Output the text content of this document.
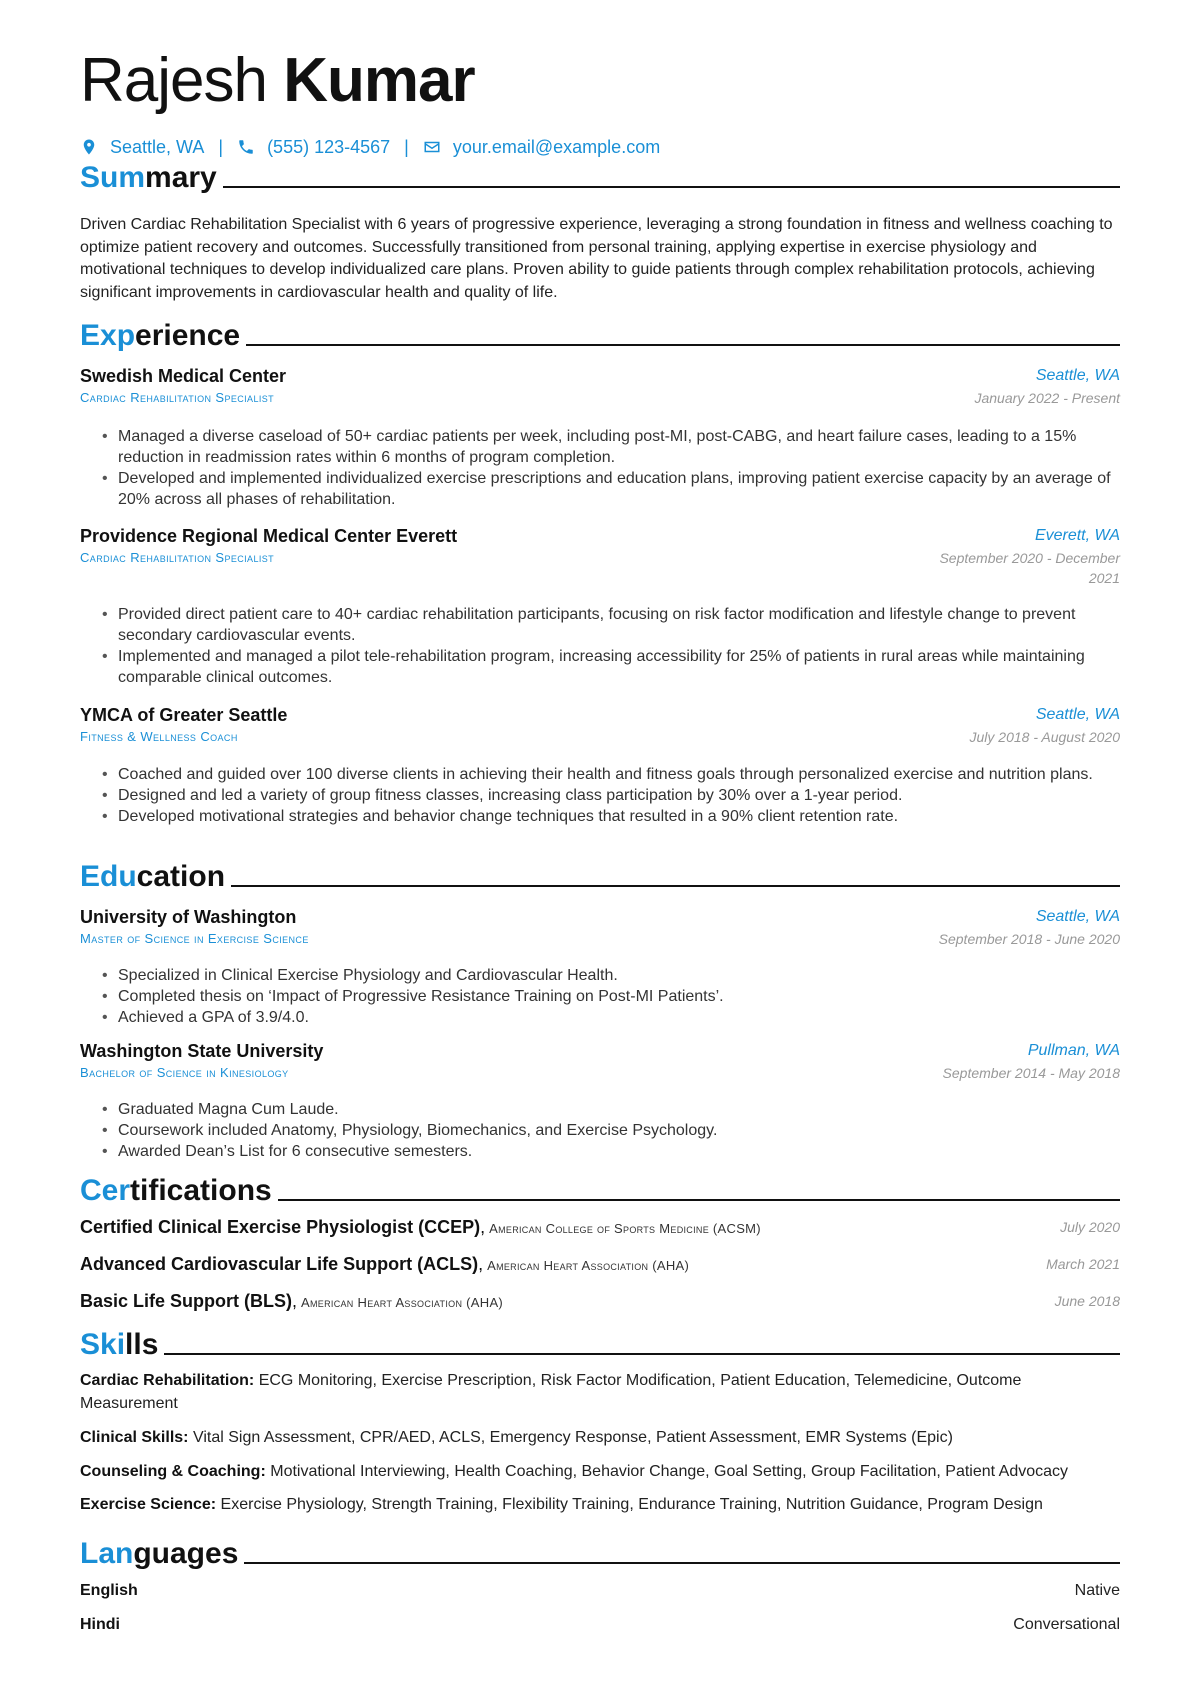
Rajesh Kumar
Seattle, WA | (555) 123-4567 | your.email@example.com
Summary
Driven Cardiac Rehabilitation Specialist with 6 years of progressive experience, leveraging a strong foundation in fitness and wellness coaching to optimize patient recovery and outcomes. Successfully transitioned from personal training, applying expertise in exercise physiology and motivational techniques to develop individualized care plans. Proven ability to guide patients through complex rehabilitation protocols, achieving significant improvements in cardiovascular health and quality of life.
Experience
Swedish Medical Center
Cardiac Rehabilitation Specialist
Seattle, WA
January 2022 - Present
• Managed a diverse caseload of 50+ cardiac patients per week, including post-MI, post-CABG, and heart failure cases, leading to a 15% reduction in readmission rates within 6 months of program completion.
• Developed and implemented individualized exercise prescriptions and education plans, improving patient exercise capacity by an average of 20% across all phases of rehabilitation.
Providence Regional Medical Center Everett
Cardiac Rehabilitation Specialist
Everett, WA
September 2020 - December
2021
• Provided direct patient care to 40+ cardiac rehabilitation participants, focusing on risk factor modification and lifestyle change to prevent secondary cardiovascular events.
• Implemented and managed a pilot tele-rehabilitation program, increasing accessibility for 25% of patients in rural areas while maintaining comparable clinical outcomes.
YMCA of Greater Seattle
Fitness & Wellness Coach
Seattle, WA
July 2018 - August 2020
• Coached and guided over 100 diverse clients in achieving their health and fitness goals through personalized exercise and nutrition plans.
• Designed and led a variety of group fitness classes, increasing class participation by 30% over a 1-year period.
• Developed motivational strategies and behavior change techniques that resulted in a 90% client retention rate.
Education
University of Washington
Master of Science in Exercise Science
Seattle, WA
September 2018 - June 2020
• Specialized in Clinical Exercise Physiology and Cardiovascular Health.
• Completed thesis on ‘Impact of Progressive Resistance Training on Post-MI Patients’.
• Achieved a GPA of 3.9/4.0.
Washington State University
Bachelor of Science in Kinesiology
Pullman, WA
September 2014 - May 2018
• Graduated Magna Cum Laude.
• Coursework included Anatomy, Physiology, Biomechanics, and Exercise Psychology.
• Awarded Dean’s List for 6 consecutive semesters.
Certifications
Certified Clinical Exercise Physiologist (CCEP), American College of Sports Medicine (ACSM)	July 2020
Advanced Cardiovascular Life Support (ACLS), American Heart Association (AHA)	March 2021
Basic Life Support (BLS), American Heart Association (AHA)	June 2018
Skills
Cardiac Rehabilitation: ECG Monitoring, Exercise Prescription, Risk Factor Modification, Patient Education, Telemedicine, Outcome Measurement
Clinical Skills: Vital Sign Assessment, CPR/AED, ACLS, Emergency Response, Patient Assessment, EMR Systems (Epic)
Counseling & Coaching: Motivational Interviewing, Health Coaching, Behavior Change, Goal Setting, Group Facilitation, Patient Advocacy
Exercise Science: Exercise Physiology, Strength Training, Flexibility Training, Endurance Training, Nutrition Guidance, Program Design
Languages
English	Native
Hindi	Conversational
